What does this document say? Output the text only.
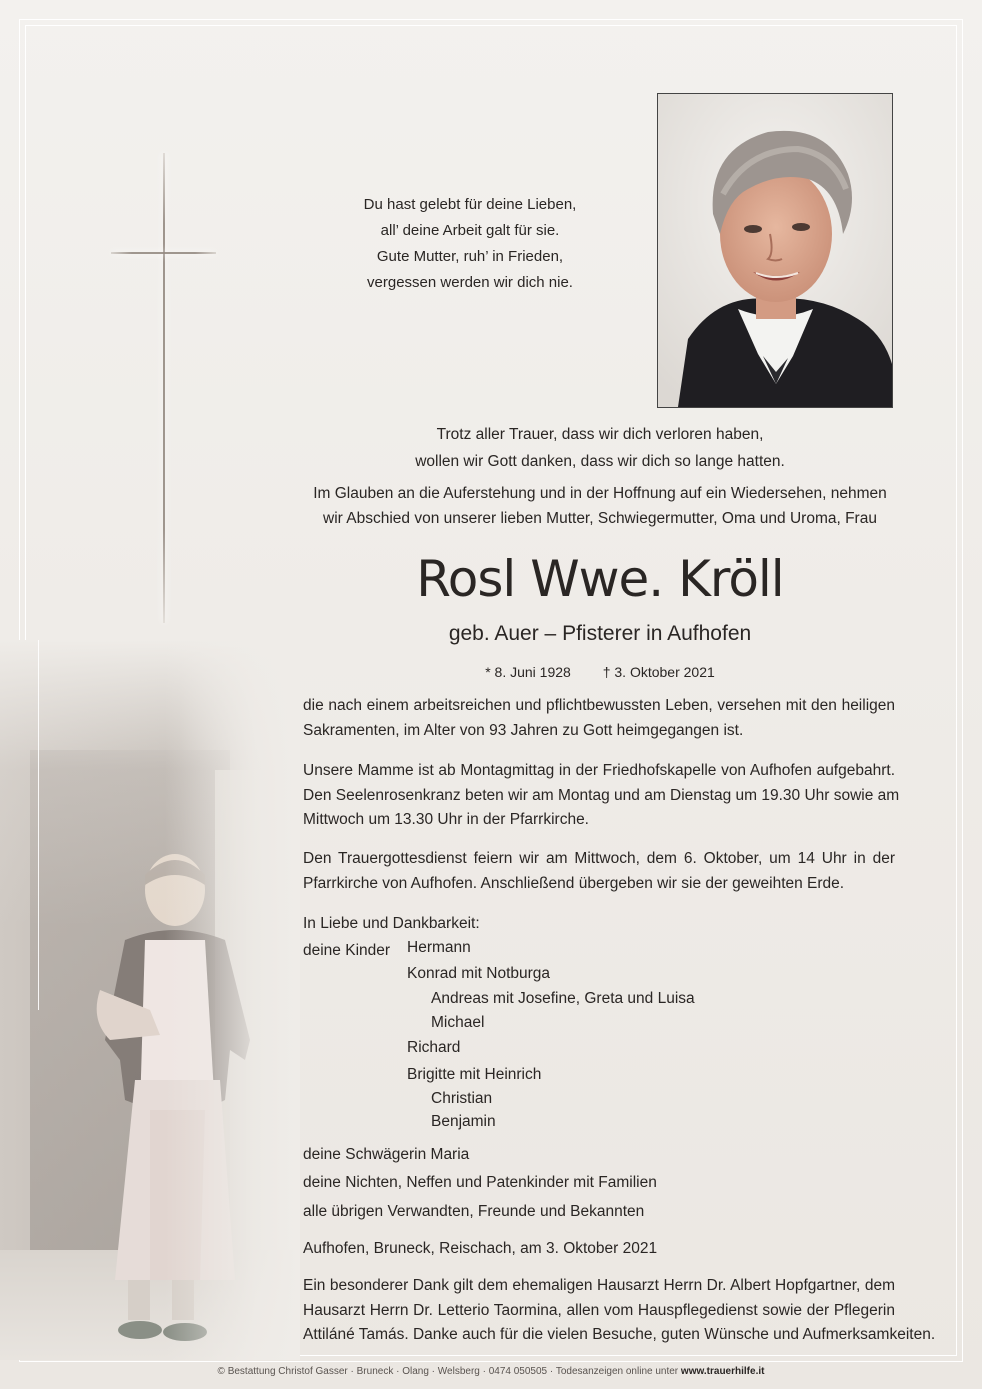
Du hast gelebt für deine Lieben,
all’ deine Arbeit galt für sie.
Gute Mutter, ruh’ in Frieden,
vergessen werden wir dich nie.
Trotz aller Trauer, dass wir dich verloren haben,
wollen wir Gott danken, dass wir dich so lange hatten.
Im Glauben an die Auferstehung und in der Hoffnung auf ein Wiedersehen, nehmen
wir Abschied von unserer lieben Mutter, Schwiegermutter, Oma und Uroma, Frau
Rosl Wwe. Kröll
geb. Auer – Pfisterer in Aufhofen
* 8. Juni 1928 † 3. Oktober 2021
die nach einem arbeitsreichen und pflichtbewussten Leben, versehen mit den heiligen
Sakramenten, im Alter von 93 Jahren zu Gott heimgegangen ist.
Unsere Mamme ist ab Montagmittag in der Friedhofskapelle von Aufhofen aufgebahrt.
Den Seelenrosenkranz beten wir am Montag und am Dienstag um 19.30 Uhr sowie am
Mittwoch um 13.30 Uhr in der Pfarrkirche.
Den Trauergottesdienst feiern wir am Mittwoch, dem 6. Oktober, um 14 Uhr in der
Pfarrkirche von Aufhofen. Anschließend übergeben wir sie der geweihten Erde.
In Liebe und Dankbarkeit:
deine Kinder	Hermann
Konrad mit Notburga
Andreas mit Josefine, Greta und Luisa
Michael
Richard
Brigitte mit Heinrich
Christian
Benjamin
deine Schwägerin Maria
deine Nichten, Neffen und Patenkinder mit Familien
alle übrigen Verwandten, Freunde und Bekannten
Aufhofen, Bruneck, Reischach, am 3. Oktober 2021
Ein besonderer Dank gilt dem ehemaligen Hausarzt Herrn Dr. Albert Hopfgartner, dem
Hausarzt Herrn Dr. Letterio Taormina, allen vom Hauspflegedienst sowie der Pflegerin
Attiláné Tamás. Danke auch für die vielen Besuche, guten Wünsche und Aufmerksamkeiten.
© Bestattung Christof Gasser · Bruneck · Olang · Welsberg · 0474 050505 · Todesanzeigen online unter www.trauerhilfe.it
